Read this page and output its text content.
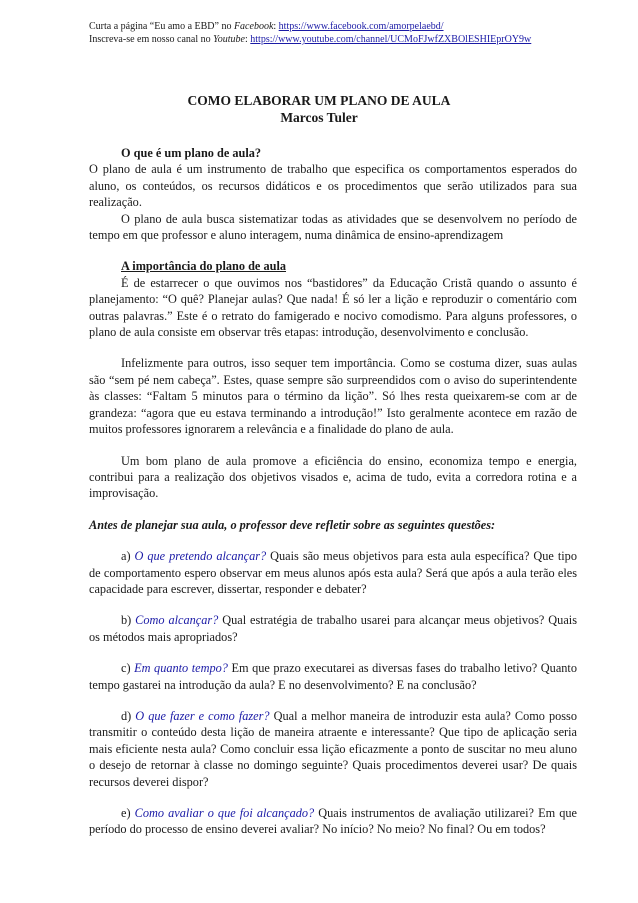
Curta a página “Eu amo a EBD” no Facebook: https://www.facebook.com/amorpelaebd/
Inscreva-se em nosso canal no Youtube: https://www.youtube.com/channel/UCMoFJwfZXBOlESHIEprOY9w
COMO ELABORAR UM PLANO DE AULA
Marcos Tuler

O que é um plano de aula?

O plano de aula é um instrumento de trabalho que especifica os comportamentos esperados do aluno, os conteúdos, os recursos didáticos e os procedimentos que serão utilizados para sua realização.

O plano de aula busca sistematizar todas as atividades que se desenvolvem no período de tempo em que professor e aluno interagem, numa dinâmica de ensino-aprendizagem

A importância do plano de aula

É de estarrecer o que ouvimos nos “bastidores” da Educação Cristã quando o assunto é planejamento: “O quê? Planejar aulas? Que nada! É só ler a lição e reproduzir o comentário com outras palavras.” Este é o retrato do famigerado e nocivo comodismo. Para alguns professores, o plano de aula consiste em observar três etapas: introdução, desenvolvimento e conclusão.

Infelizmente para outros, isso sequer tem importância. Como se costuma dizer, suas aulas são “sem pé nem cabeça”. Estes, quase sempre são surpreendidos com o aviso do superintendente às classes: “Faltam 5 minutos para o término da lição”. Só lhes resta queixarem-se com ar de grandeza: “agora que eu estava terminando a introdução!” Isto geralmente acontece em razão de muitos professores ignorarem a relevância e a finalidade do plano de aula.

Um bom plano de aula promove a eficiência do ensino, economiza tempo e energia, contribui para a realização dos objetivos visados e, acima de tudo, evita a corredora rotina e a improvisação.

Antes de planejar sua aula, o professor deve refletir sobre as seguintes questões:

a) O que pretendo alcançar? Quais são meus objetivos para esta aula específica? Que tipo de comportamento espero observar em meus alunos após esta aula? Será que após a aula terão eles capacidade para escrever, dissertar, responder e debater?

b) Como alcançar? Qual estratégia de trabalho usarei para alcançar meus objetivos? Quais os métodos mais apropriados?

c) Em quanto tempo? Em que prazo executarei as diversas fases do trabalho letivo? Quanto tempo gastarei na introdução da aula? E no desenvolvimento? E na conclusão?

d) O que fazer e como fazer? Qual a melhor maneira de introduzir esta aula? Como posso transmitir o conteúdo desta lição de maneira atraente e interessante? Que tipo de aplicação seria mais eficiente nesta aula? Como concluir essa lição eficazmente a ponto de suscitar no meu aluno o desejo de retornar à classe no domingo seguinte? Quais procedimentos deverei usar? De quais recursos deverei dispor?

e) Como avaliar o que foi alcançado? Quais instrumentos de avaliação utilizarei? Em que período do processo de ensino deverei avaliar? No início? No meio? No final? Ou em todos?
